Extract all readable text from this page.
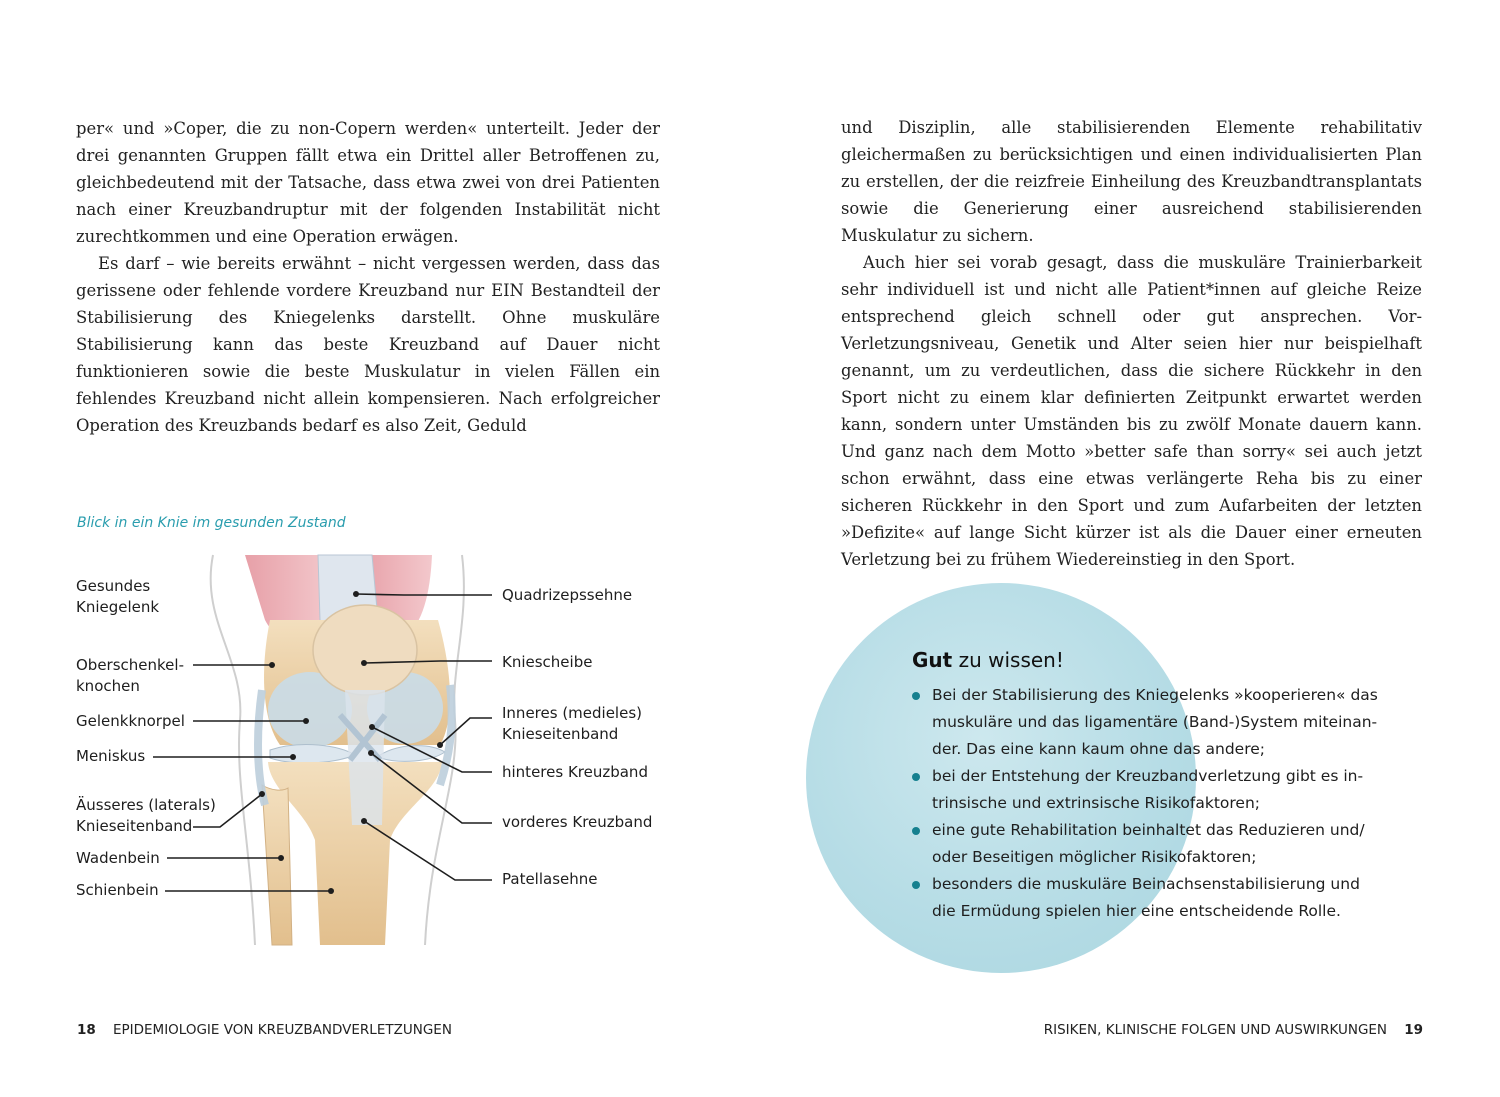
per« und »Coper, die zu non-Copern werden« unterteilt. Jeder der drei genannten Gruppen fällt etwa ein Drittel aller Betroffenen zu, gleichbedeutend mit der Tatsache, dass etwa zwei von drei Patienten nach einer Kreuzbandruptur mit der folgenden Instabilität nicht zurechtkommen und eine Operation erwägen.

Es darf – wie bereits erwähnt – nicht vergessen werden, dass das gerissene oder fehlende vordere Kreuzband nur EIN Bestandteil der Stabilisierung des Kniegelenks darstellt. Ohne muskuläre Stabilisierung kann das beste Kreuzband auf Dauer nicht funktionieren sowie die beste Muskulatur in vielen Fällen ein fehlendes Kreuzband nicht allein kompensieren. Nach erfolgreicher Operation des Kreuzbands bedarf es also Zeit, Geduld

Blick in ein Knie im gesunden Zustand

Gesundes
Kniegelenk

Oberschenkel-
knochen

Gelenkknorpel

Meniskus

Äusseres (laterals)
Knieseitenband

Wadenbein

Schienbein

Quadrizepssehne

Kniescheibe

Inneres (medieles)
Knieseitenband

hinteres Kreuzband

vorderes Kreuzband

Patellasehne

18 EPIDEMIOLOGIE VON KREUZBANDVERLETZUNGEN

und Disziplin, alle stabilisierenden Elemente rehabilitativ gleichermaßen zu berücksichtigen und einen individualisierten Plan zu erstellen, der die reizfreie Einheilung des Kreuzbandtransplantats sowie die Generierung einer ausreichend stabilisierenden Muskulatur zu sichern.

Auch hier sei vorab gesagt, dass die muskuläre Trainierbarkeit sehr individuell ist und nicht alle Patient*innen auf gleiche Reize entsprechend gleich schnell oder gut ansprechen. Vor-Verletzungsniveau, Genetik und Alter seien hier nur beispielhaft genannt, um zu verdeutlichen, dass die sichere Rückkehr in den Sport nicht zu einem klar definierten Zeitpunkt erwartet werden kann, sondern unter Umständen bis zu zwölf Monate dauern kann. Und ganz nach dem Motto »better safe than sorry« sei auch jetzt schon erwähnt, dass eine etwas verlängerte Reha bis zu einer sicheren Rückkehr in den Sport und zum Aufarbeiten der letzten »Defizite« auf lange Sicht kürzer ist als die Dauer einer erneuten Verletzung bei zu frühem Wiedereinstieg in den Sport.

Gut zu wissen!

Bei der Stabilisierung des Kniegelenks »kooperieren« das muskuläre und das ligamentäre (Band-)System miteinander. Das eine kann kaum ohne das andere;
bei der Entstehung der Kreuzbandverletzung gibt es intrinsische und extrinsische Risikofaktoren;
eine gute Rehabilitation beinhaltet das Reduzieren und/ oder Beseitigen möglicher Risikofaktoren;
besonders die muskuläre Beinachsenstabilisierung und die Ermüdung spielen hier eine entscheidende Rolle.
RISIKEN, KLINISCHE FOLGEN UND AUSWIRKUNGEN 19
